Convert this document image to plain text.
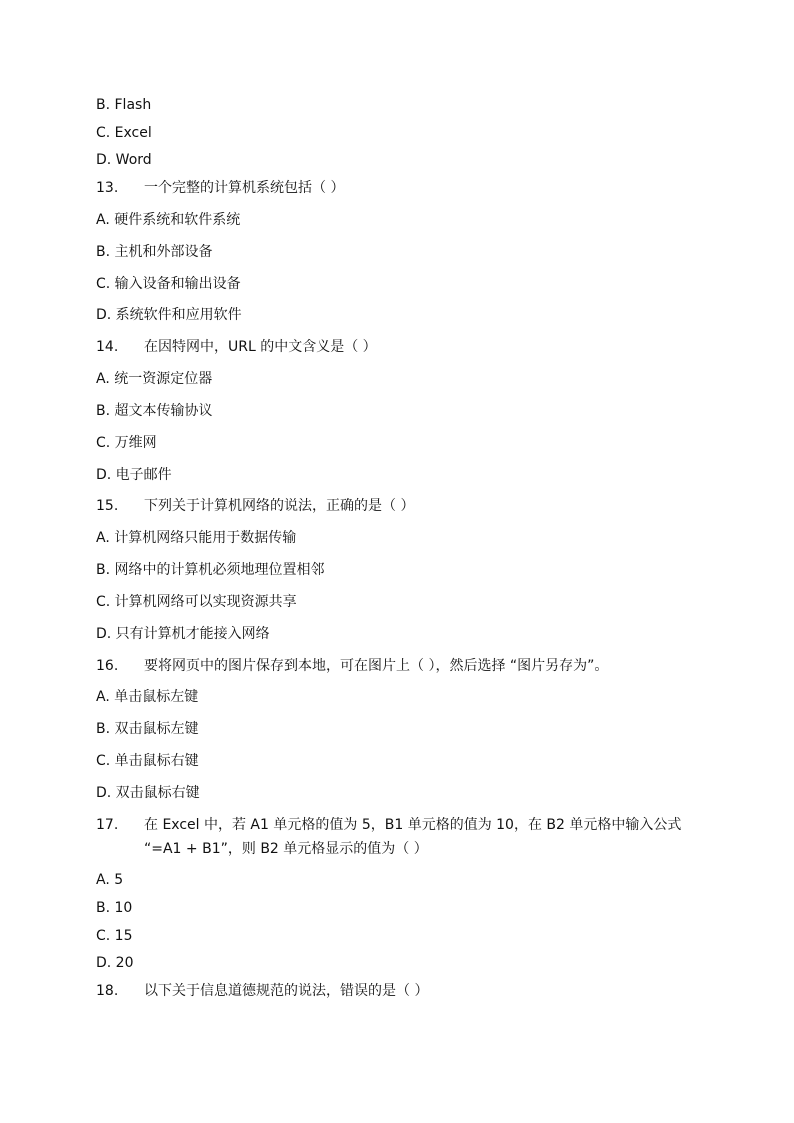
B. Flash
C. Excel
D. Word
13. 一个完整的计算机系统包括（ ）
A. 硬件系统和软件系统
B. 主机和外部设备
C. 输入设备和输出设备
D. 系统软件和应用软件
14. 在因特网中，URL 的中文含义是（ ）
A. 统一资源定位器
B. 超文本传输协议
C. 万维网
D. 电子邮件
15. 下列关于计算机网络的说法，正确的是（ ）
A. 计算机网络只能用于数据传输
B. 网络中的计算机必须地理位置相邻
C. 计算机网络可以实现资源共享
D. 只有计算机才能接入网络
16. 要将网页中的图片保存到本地，可在图片上（ ），然后选择 “图片另存为”。
A. 单击鼠标左键
B. 双击鼠标左键
C. 单击鼠标右键
D. 双击鼠标右键
17. 在 Excel 中，若 A1 单元格的值为 5，B1 单元格的值为 10，在 B2 单元格中输入公式
“=A1 + B1”，则 B2 单元格显示的值为（ ）
A. 5
B. 10
C. 15
D. 20
18. 以下关于信息道德规范的说法，错误的是（ ）
